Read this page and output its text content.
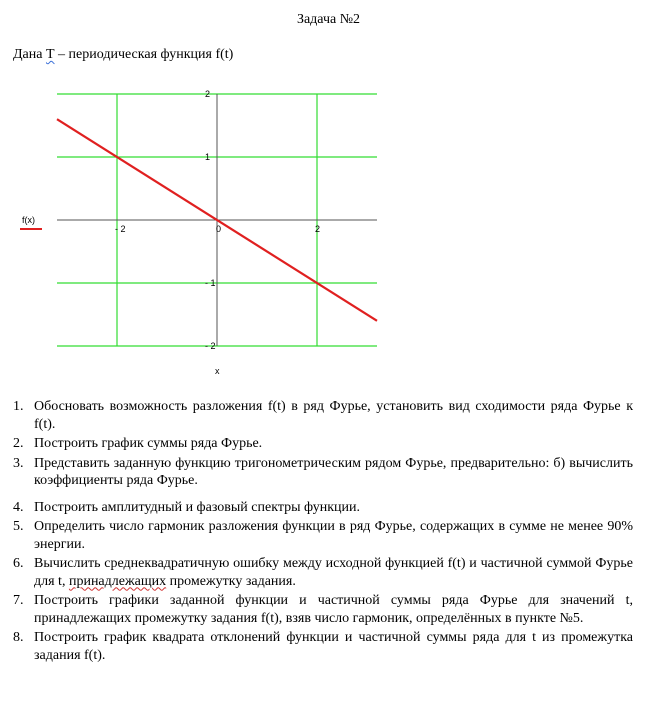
Задача №2
Дана Т – периодическая функция f(t)
- 2	0	2
- 2
- 1
1
2
f(x)
x
1. Обосновать возможность разложения f(t) в ряд Фурье, установить вид сходимости ряда Фурье к f(t).
2. Построить график суммы ряда Фурье.
3. Представить заданную функцию тригонометрическим рядом Фурье, предварительно: б) вычислить коэффициенты ряда Фурье.
4. Построить амплитудный и фазовый спектры функции.
5. Определить число гармоник разложения функции в ряд Фурье, содержащих в сумме не менее 90% энергии.
6. Вычислить среднеквадратичную ошибку между исходной функцией f(t) и частичной суммой Фурье для t, принадлежащих промежутку задания.
7. Построить графики заданной функции и частичной суммы ряда Фурье для значений t, принадлежащих промежутку задания f(t), взяв число гармоник, определённых в пункте №5.
8. Построить график квадрата отклонений функции и частичной суммы ряда для t из промежутка задания f(t).
